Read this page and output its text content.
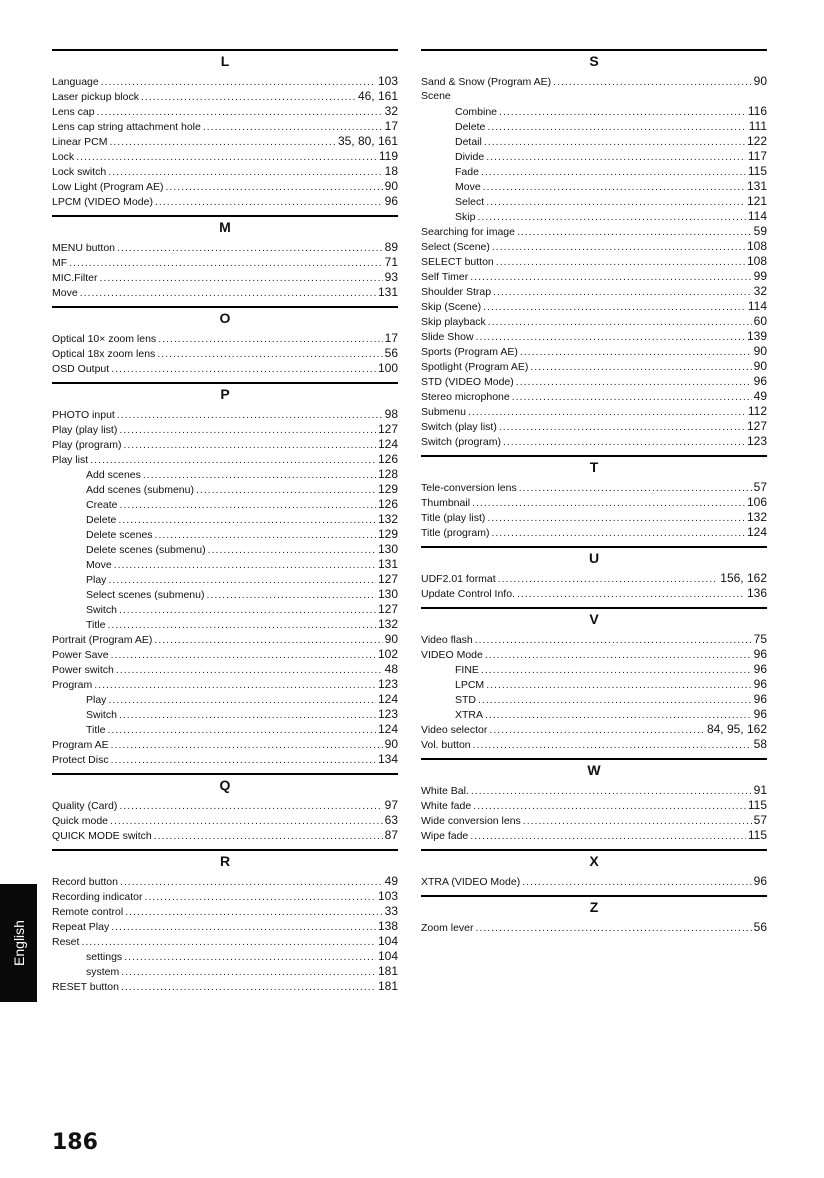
L
Language .....	103
Laser pickup block .....	46, 161
Lens cap .....	32
Lens cap string attachment hole .....	17
Linear PCM .....	35, 80, 161
Lock .....	119
Lock switch .....	18
Low Light (Program AE) .....	90
LPCM (VIDEO Mode) .....	96
M
MENU button .....	89
MF .....	71
MIC.Filter .....	93
Move .....	131
O
Optical 10× zoom lens .....	17
Optical 18x zoom lens .....	56
OSD Output .....	100
P
PHOTO input .....	98
Play (play list) .....	127
Play (program) .....	124
Play list .....	126
Add scenes .....	128
Add scenes (submenu) .....	129
Create .....	126
Delete .....	132
Delete scenes .....	129
Delete scenes (submenu) .....	130
Move .....	131
Play .....	127
Select scenes (submenu) .....	130
Switch .....	127
Title .....	132
Portrait (Program AE) .....	90
Power Save .....	102
Power switch .....	48
Program .....	123
Play .....	124
Switch .....	123
Title .....	124
Program AE .....	90
Protect Disc .....	134
Q
Quality (Card) .....	97
Quick mode .....	63
QUICK MODE switch .....	87
R
Record button .....	49
Recording indicator .....	103
Remote control .....	33
Repeat Play .....	138
Reset .....	104
settings .....	104
system .....	181
RESET button .....	181
S
Sand & Snow (Program AE) .....	90
Scene
Combine .....	116
Delete .....	111
Detail .....	122
Divide .....	117
Fade .....	115
Move .....	131
Select .....	121
Skip .....	114
Searching for image .....	59
Select (Scene) .....	108
SELECT button .....	108
Self Timer .....	99
Shoulder Strap .....	32
Skip (Scene) .....	114
Skip playback .....	60
Slide Show .....	139
Sports (Program AE) .....	90
Spotlight (Program AE) .....	90
STD (VIDEO Mode) .....	96
Stereo microphone .....	49
Submenu .....	112
Switch (play list) .....	127
Switch (program) .....	123
T
Tele-conversion lens .....	57
Thumbnail .....	106
Title (play list) .....	132
Title (program) .....	124
U
UDF2.01 format .....	156, 162
Update Control Info. .....	136
V
Video flash .....	75
VIDEO Mode .....	96
FINE .....	96
LPCM .....	96
STD .....	96
XTRA .....	96
Video selector .....	84, 95, 162
Vol. button .....	58
W
White Bal. .....	91
White fade .....	115
Wide conversion lens .....	57
Wipe fade .....	115
X
XTRA (VIDEO Mode) .....	96
Z
Zoom lever .....	56
English
186
